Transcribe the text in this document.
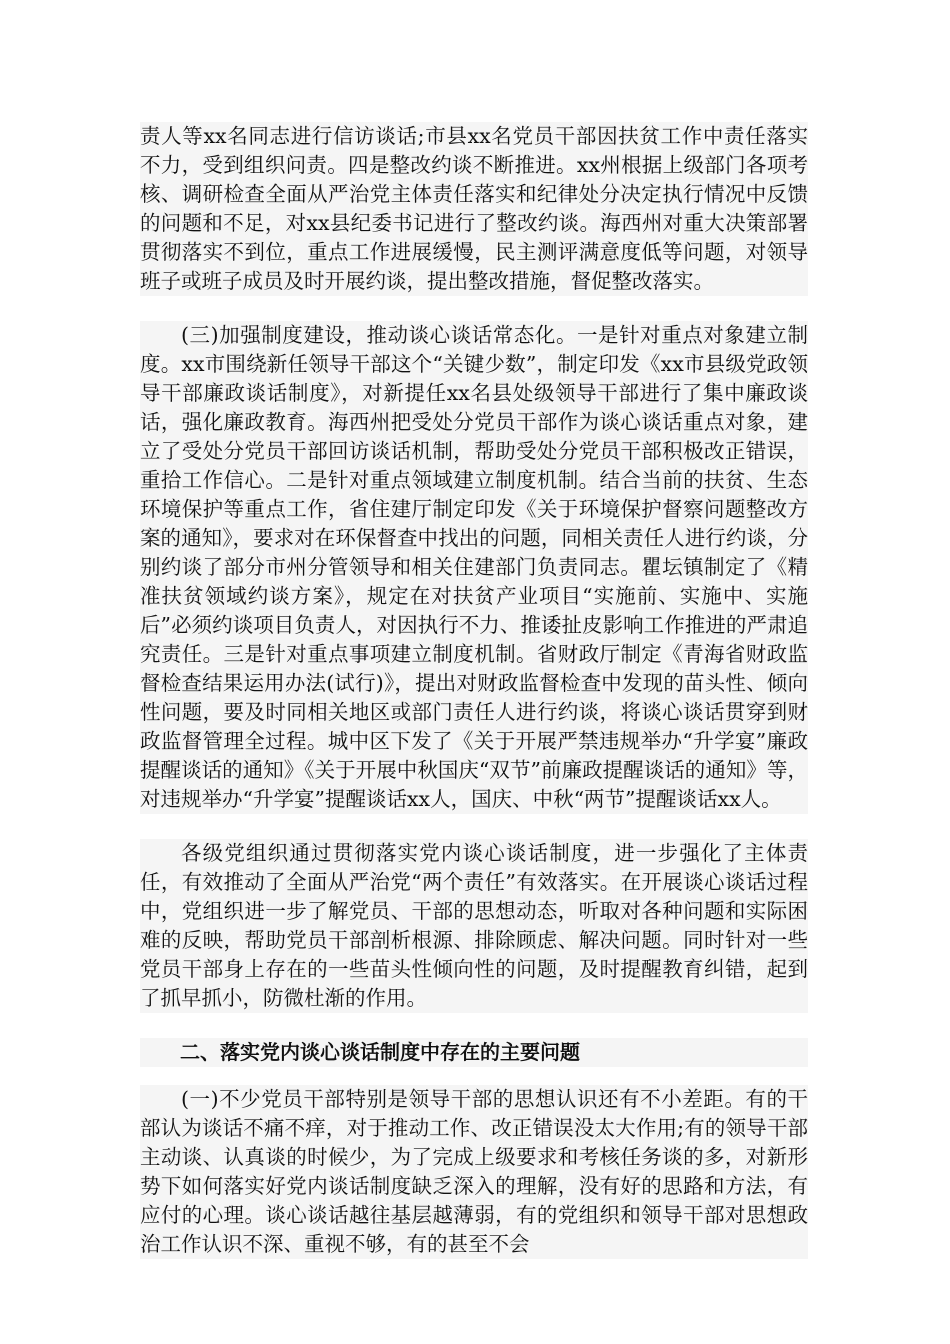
责人等xx名同志进行信访谈话;市县xx名党员干部因扶贫工作中责任落实不力，受到组织问责。四是整改约谈不断推进。xx州根据上级部门各项考核、调研检查全面从严治党主体责任落实和纪律处分决定执行情况中反馈的问题和不足，对xx县纪委书记进行了整改约谈。海西州对重大决策部署贯彻落实不到位，重点工作进展缓慢，民主测评满意度低等问题，对领导班子或班子成员及时开展约谈，提出整改措施，督促整改落实。

(三)加强制度建设，推动谈心谈话常态化。一是针对重点对象建立制度。xx市围绕新任领导干部这个“关键少数”，制定印发《xx市县级党政领导干部廉政谈话制度》，对新提任xx名县处级领导干部进行了集中廉政谈话，强化廉政教育。海西州把受处分党员干部作为谈心谈话重点对象，建立了受处分党员干部回访谈话机制，帮助受处分党员干部积极改正错误，重拾工作信心。二是针对重点领域建立制度机制。结合当前的扶贫、生态环境保护等重点工作，省住建厅制定印发《关于环境保护督察问题整改方案的通知》，要求对在环保督查中找出的问题，同相关责任人进行约谈，分别约谈了部分市州分管领导和相关住建部门负责同志。瞿坛镇制定了《精准扶贫领域约谈方案》，规定在对扶贫产业项目“实施前、实施中、实施后”必须约谈项目负责人，对因执行不力、推诿扯皮影响工作推进的严肃追究责任。三是针对重点事项建立制度机制。省财政厅制定《青海省财政监督检查结果运用办法(试行)》，提出对财政监督检查中发现的苗头性、倾向性问题，要及时同相关地区或部门责任人进行约谈，将谈心谈话贯穿到财政监督管理全过程。城中区下发了《关于开展严禁违规举办“升学宴”廉政提醒谈话的通知》《关于开展中秋国庆“双节”前廉政提醒谈话的通知》等，对违规举办“升学宴”提醒谈话xx人，国庆、中秋“两节”提醒谈话xx人。

各级党组织通过贯彻落实党内谈心谈话制度，进一步强化了主体责任，有效推动了全面从严治党“两个责任”有效落实。在开展谈心谈话过程中，党组织进一步了解党员、干部的思想动态，听取对各种问题和实际困难的反映，帮助党员干部剖析根源、排除顾虑、解决问题。同时针对一些党员干部身上存在的一些苗头性倾向性的问题，及时提醒教育纠错，起到了抓早抓小，防微杜渐的作用。

二、落实党内谈心谈话制度中存在的主要问题

(一)不少党员干部特别是领导干部的思想认识还有不小差距。有的干部认为谈话不痛不痒，对于推动工作、改正错误没太大作用;有的领导干部主动谈、认真谈的时候少，为了完成上级要求和考核任务谈的多，对新形势下如何落实好党内谈话制度缺乏深入的理解，没有好的思路和方法，有应付的心理。谈心谈话越往基层越薄弱，有的党组织和领导干部对思想政治工作认识不深、重视不够，有的甚至不会
